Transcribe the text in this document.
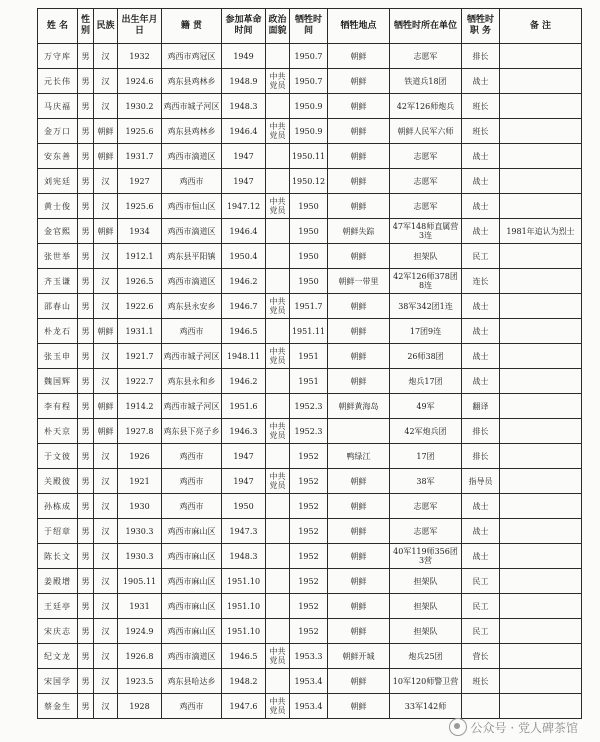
姓 名	性别	民族	出生年月日	籍 贯	参加革命时间	政治面貌	牺牲时间	牺牲地点	牺牲时所在单位	牺牲时职 务	备 注
万守库	男	汉	1932	鸡西市鸡冠区	1949		1950.7	朝鲜	志愿军	排长	
元长伟	男	汉	1924.6	鸡东县鸡林乡	1948.9	中共党员	1950.7	朝鲜	铁道兵18团	战士	
马庆福	男	汉	1930.2	鸡西市城子河区	1948.3		1950.9	朝鲜	42军126师炮兵	班长	
金万口	男	朝鲜	1925.6	鸡东县鸡林乡	1946.4	中共党员	1950.9	朝鲜	朝鲜人民军六师	班长	
安东善	男	朝鲜	1931.7	鸡西市滴道区	1947		1950.11	朝鲜	志愿军	战士	
刘宪廷	男	汉	1927	鸡西市	1947		1950.12	朝鲜	志愿军	战士	
黄士俊	男	汉	1925.6	鸡西市恒山区	1947.12	中共党员	1950	朝鲜	志愿军	战士	
金官熙	男	朝鲜	1934	鸡西市滴道区	1946.4		1950	朝鲜失踪	47军148师直属营3连	战士	1981年追认为烈士
张世举	男	汉	1912.1	鸡东县平阳镇	1950.4		1950	朝鲜	担架队	民工	
齐玉谦	男	汉	1926.5	鸡西市滴道区	1946.2		1950	朝鲜一带里	42军126师378团8连	连长	
邵春山	男	汉	1922.6	鸡东县永安乡	1946.7	中共党员	1951.7	朝鲜	38军342团1连	战士	
朴龙石	男	朝鲜	1931.1	鸡西市	1946.5		1951.11	朝鲜	17团9连	战士	
张玉申	男	汉	1921.7	鸡西市城子河区	1948.11	中共党员	1951	朝鲜	26师38团	战士	
魏国辉	男	汉	1922.7	鸡东县永和乡	1946.2		1951	朝鲜	炮兵17团	战士	
李有程	男	朝鲜	1914.2	鸡西市城子河区	1951.6		1952.3	朝鲜黄海岛	49军	翻译	
朴天京	男	朝鲜	1927.8	鸡东县下亮子乡	1946.3	中共党员	1952.3		42军炮兵团	排长	
于文彼	男	汉	1926	鸡西市	1947		1952	鸭绿江	17团	排长	
关殿彼	男	汉	1921	鸡西市	1947	中共党员	1952	朝鲜	38军	指导员	
孙栋成	男	汉	1930	鸡西市	1950		1952	朝鲜	志愿军	战士	
于绍章	男	汉	1930.3	鸡西市麻山区	1947.3		1952	朝鲜	志愿军	战士	
陈长文	男	汉	1930.3	鸡西市麻山区	1948.3		1952	朝鲜	40军119师356团3营	战士	
姜殿增	男	汉	1905.11	鸡西市麻山区	1951.10		1952	朝鲜	担架队	民工	
王廷亭	男	汉	1931	鸡西市麻山区	1951.10		1952	朝鲜	担架队	民工	
宋庆志	男	汉	1924.9	鸡西市麻山区	1951.10		1952	朝鲜	担架队	民工	
纪文龙	男	汉	1926.8	鸡西市滴道区	1946.5	中共党员	1953.3	朝鲜开城	炮兵25团	营长	
宋国学	男	汉	1923.5	鸡东县哈达乡	1948.2		1953.4	朝鲜	10军120师警卫营	班长	
蔡金生	男	汉	1928	鸡西市	1947.6	中共党员	1953.4	朝鲜	33军142师		
公众号 · 党人碑茶馆
